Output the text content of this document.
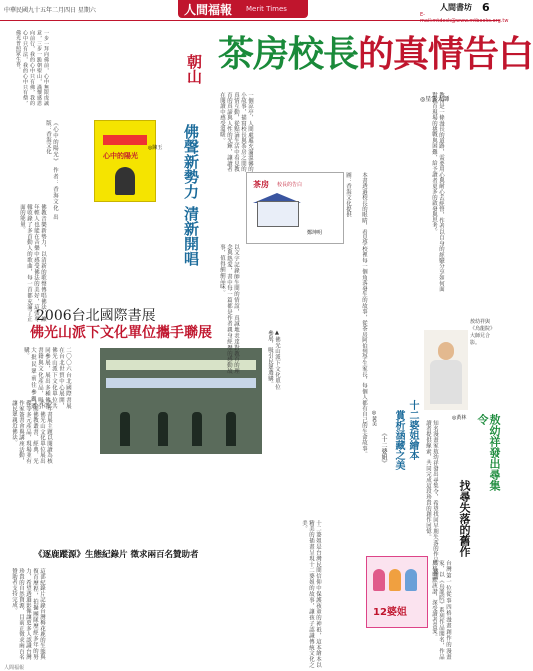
中華民國九十五年二月四日 星期六	人間福報 Merit Times	人間書坊 6
E-mail:mtdesk@www.mtbooks.org.tw
茶房校長的真情告白
一步一拜向佛前，心中無限虔誠意，三步一跪朝聖山，滿懷感恩向前行，我的心中只有佛，我的心中只有法，我的心中只有僧，佛光普照眾生喜。	朝山
佛聲新勢力
清新開唱
心中的陽光
《心中的陽光》 作者：香海文化 出版：香海文化
佛教音樂新勢力，以清新的歌聲傳唱佛法，讓年輕人也能在音樂中感受佛法的美好，這張專輯收錄了多首動人的歌曲，每一首都充滿了正面的能量。
◎陳玉
2006台北國際書展
佛光山派下文化單位攜手聯展
二〇〇六台北國際書展在台北世貿中心展開，佛光山派下文化單位共同參展，展出多種佛教書籍與文化產品，吸引大批民眾前往參觀選購。	▲佛光山派下文化單位參展，吸引民眾選購。
今年書展主題以閱讀為核心，佛光山文化單位展出人間佛教叢書、經典、光碟等多元產品，現場並有作家簽書會與講座活動，讓民眾親近佛法。
《逐鹿蹤源》生態紀錄片 徵求兩百名贊助者
這部紀錄片記錄台灣梅花鹿的生態與復育歷程，拍攝團隊歷經多年的努力，希望透過影像讓更多人認識台灣珍貴的自然資源，目前正徵求兩百名贊助者支持完成。
一個涼亭，人間處處充滿溫馨的小故事，描寫校長與茶房之間的真情互動，從點滴生活中看見教育的真諦與人性的光輝，讓讀者在閱讀中感受溫暖。	◎星雲大師
茶房 校長的告白
鄭坤明
圖：香海文化提供
以文字記錄師生間的情誼，真誠地表達對教育的理念與熱愛，書中每一篇都是作者親身經歷的感動故事，值得細細品味。	本書透過校長的眼睛，看見學校裡每一個角落發生的故事，從茶房阿伯到學生家長，每個人都有自己的生命故事。	十二婆姐繪本
賞析涵藏之美
《十二婆姐》
◎黃美
十二婆姐是台灣民間信仰中保護孩童的神祇，這本繪本以精美的插畫呈現十二婆姐的故事，讓孩子認識傳統文化之美。
12婆姐
教育是一條漫長的道路，需要用心與耐心去經營，作者以自身的經驗分享如何面對教育現場的挑戰與困難，給予讀者更多的啟發與思考。
敖幼祥與《烏龍院》大師兄合影。
敖幼祥發出尋集令
找尋失落的舊作
◎黃林
知名漫畫家敖幼祥發出尋集令，希望找回早期失落的作品，邀請讀者提供線索，共同完成這段珍貴的創作回憶。
台灣第一位從事四格漫畫創作的漫畫家，以《烏龍院》系列作品聞名，作品風格幽默詼諧，深受讀者喜愛。
人間福報
